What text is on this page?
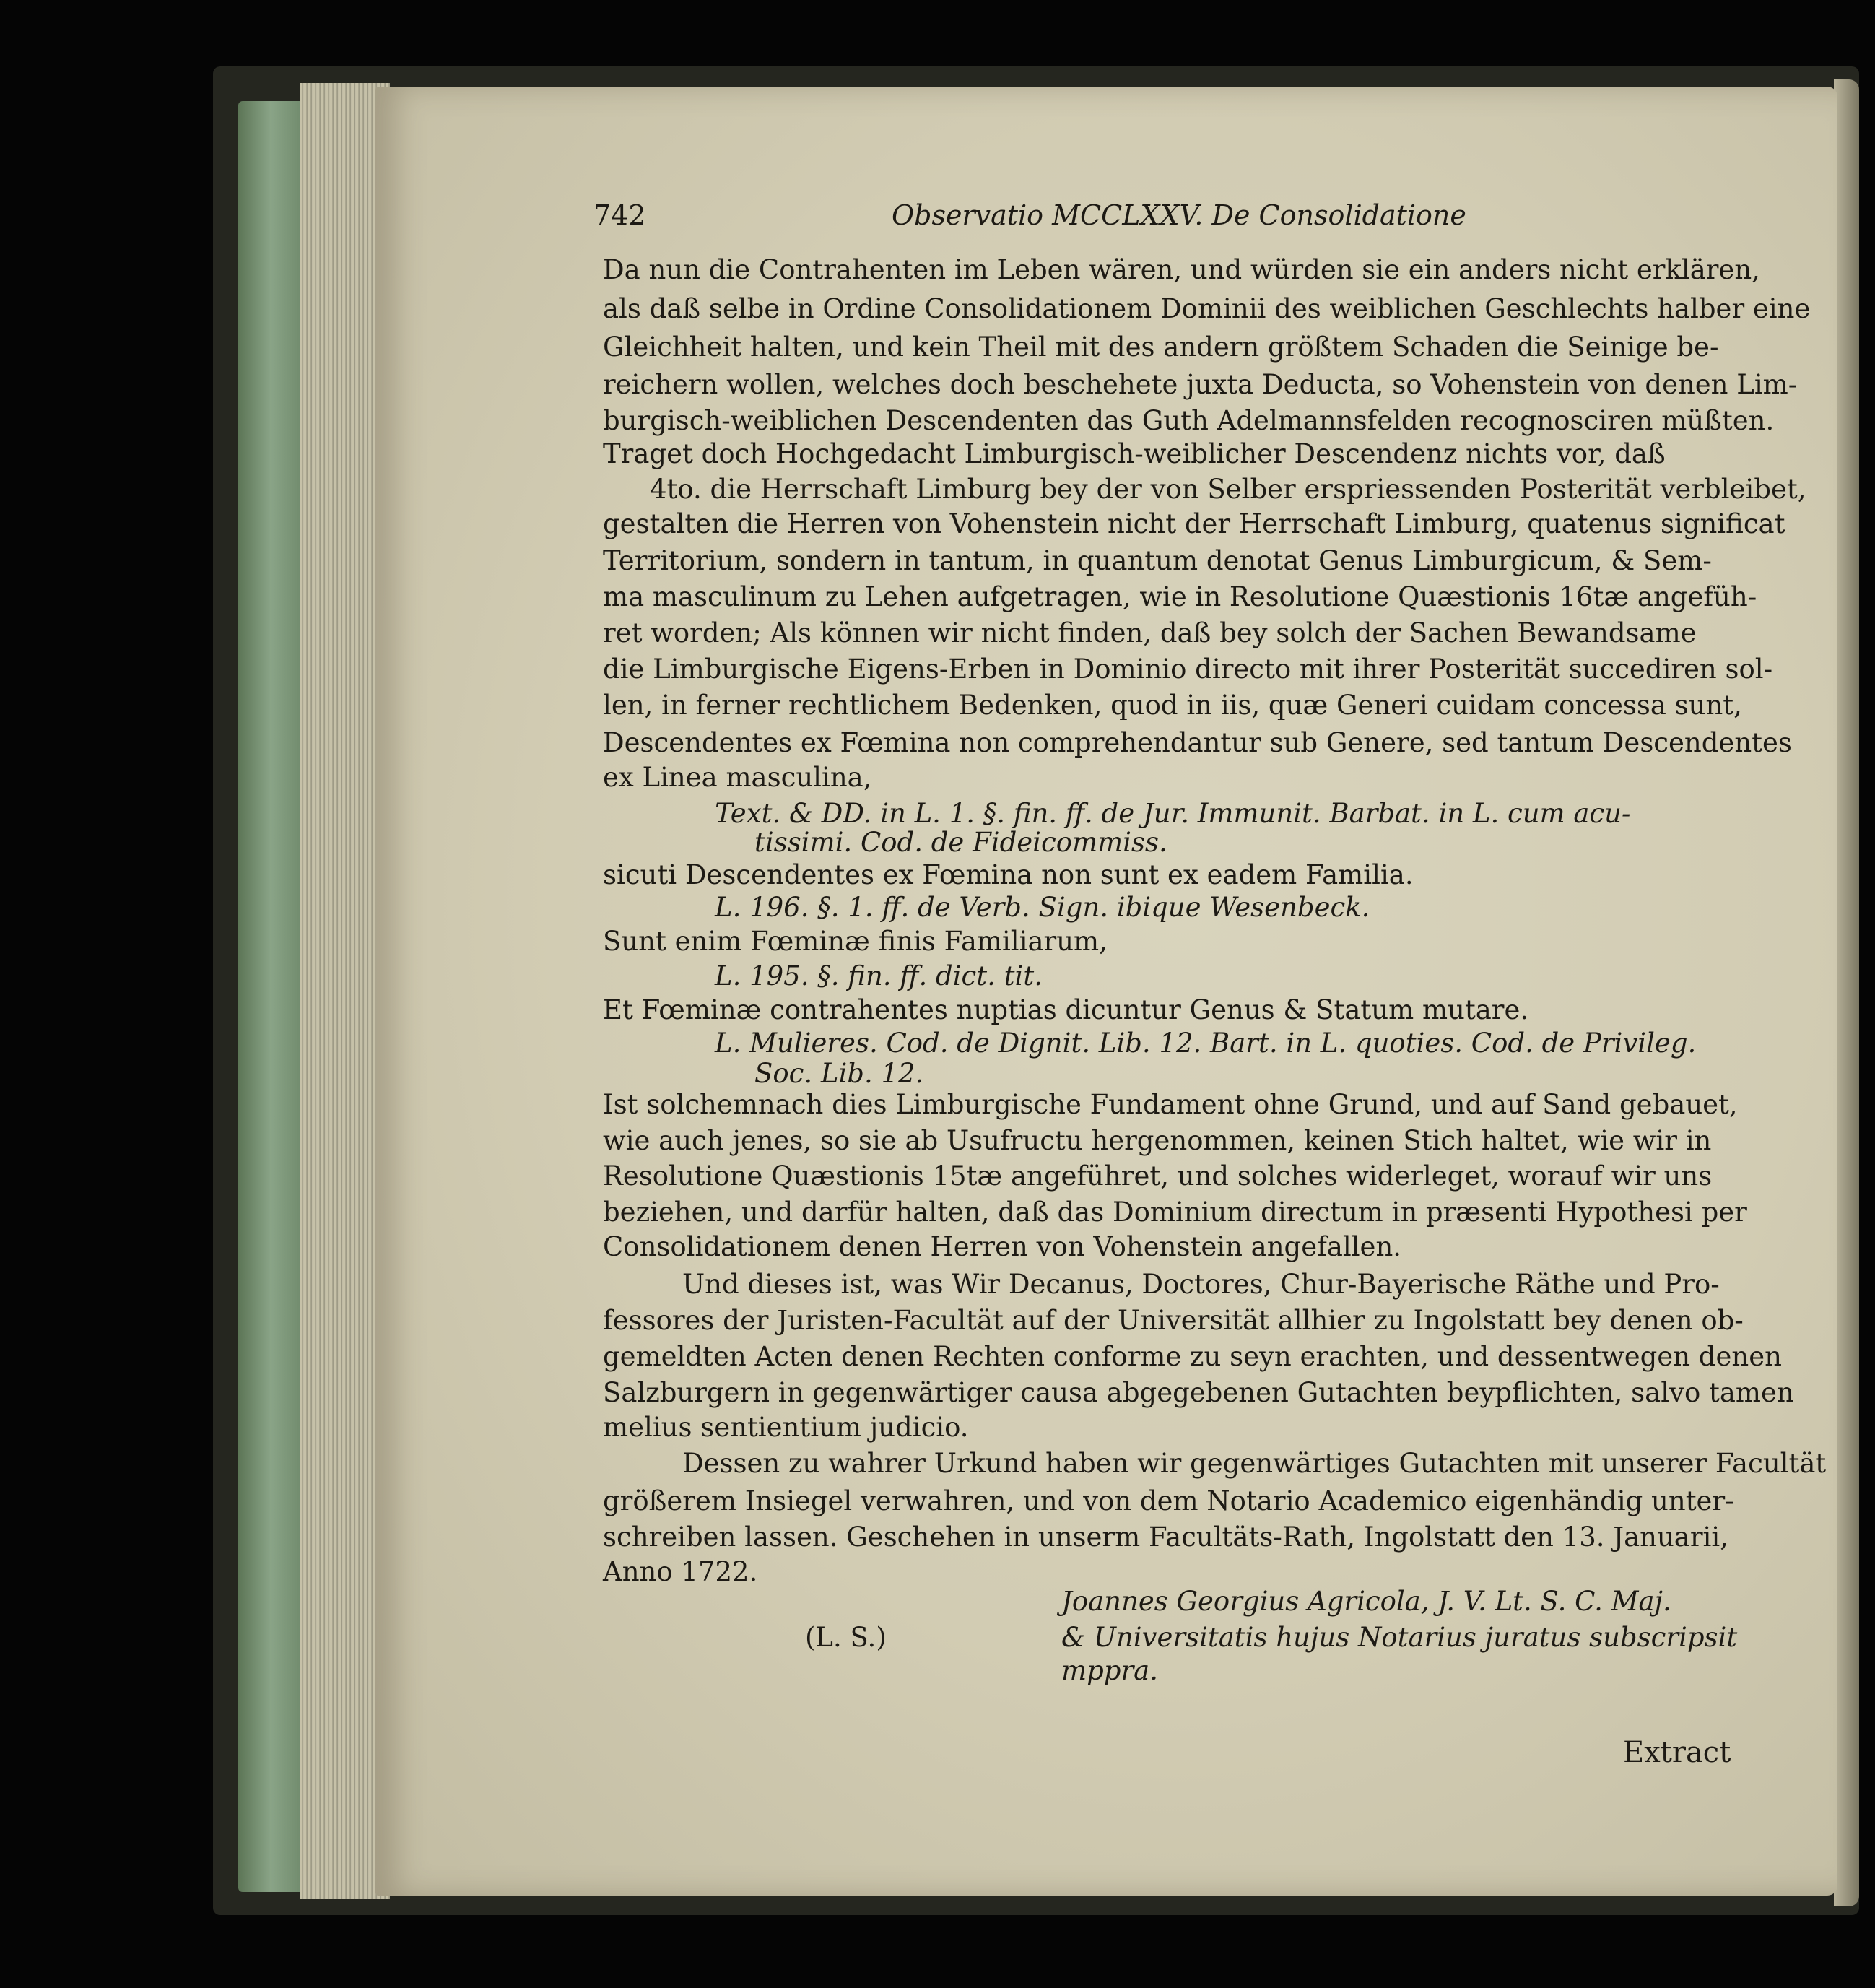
742	Observatio MCCLXXV. De Consolidatione

Da nun die Contrahenten im Leben wären, und würden sie ein anders nicht erklären,

als daß selbe in Ordine Consolidationem Dominii des weiblichen Geschlechts halber eine

Gleichheit halten, und kein Theil mit des andern größtem Schaden die Seinige be-

reichern wollen, welches doch beschehete juxta Deducta, so Vohenstein von denen Lim-

burgisch-weiblichen Descendenten das Guth Adelmannsfelden recognosciren müßten.

Traget doch Hochgedacht Limburgisch-weiblicher Descendenz nichts vor, daß

4to. die Herrschaft Limburg bey der von Selber erspriessenden Posterität verbleibet,

gestalten die Herren von Vohenstein nicht der Herrschaft Limburg, quatenus significat

Territorium, sondern in tantum, in quantum denotat Genus Limburgicum, & Sem-

ma masculinum zu Lehen aufgetragen, wie in Resolutione Quæstionis 16tæ angefüh-

ret worden; Als können wir nicht finden, daß bey solch der Sachen Bewandsame

die Limburgische Eigens-Erben in Dominio directo mit ihrer Posterität succediren sol-

len, in ferner rechtlichem Bedenken, quod in iis, quæ Generi cuidam concessa sunt,

Descendentes ex Fœmina non comprehendantur sub Genere, sed tantum Descendentes

ex Linea masculina,

Text. & DD. in L. 1. §. fin. ff. de Jur. Immunit. Barbat. in L. cum acu-

tissimi. Cod. de Fideicommiss.

sicuti Descendentes ex Fœmina non sunt ex eadem Familia.

L. 196. §. 1. ff. de Verb. Sign. ibique Wesenbeck.

Sunt enim Fœminæ finis Familiarum,

L. 195. §. fin. ff. dict. tit.

Et Fœminæ contrahentes nuptias dicuntur Genus & Statum mutare.

L. Mulieres. Cod. de Dignit. Lib. 12. Bart. in L. quoties. Cod. de Privileg.

Soc. Lib. 12.

Ist solchemnach dies Limburgische Fundament ohne Grund, und auf Sand gebauet,

wie auch jenes, so sie ab Usufructu hergenommen, keinen Stich haltet, wie wir in

Resolutione Quæstionis 15tæ angeführet, und solches widerleget, worauf wir uns

beziehen, und darfür halten, daß das Dominium directum in præsenti Hypothesi per

Consolidationem denen Herren von Vohenstein angefallen.

Und dieses ist, was Wir Decanus, Doctores, Chur-Bayerische Räthe und Pro-

fessores der Juristen-Facultät auf der Universität allhier zu Ingolstatt bey denen ob-

gemeldten Acten denen Rechten conforme zu seyn erachten, und dessentwegen denen

Salzburgern in gegenwärtiger causa abgegebenen Gutachten beypflichten, salvo tamen

melius sentientium judicio.

Dessen zu wahrer Urkund haben wir gegenwärtiges Gutachten mit unserer Facultät

größerem Insiegel verwahren, und von dem Notario Academico eigenhändig unter-

schreiben lassen. Geschehen in unserm Facultäts-Rath, Ingolstatt den 13. Januarii,

Anno 1722.

Joannes Georgius Agricola, J. V. Lt. S. C. Maj.

(L. S.)	& Universitatis hujus Notarius juratus subscripsit

mppra.

Extract
